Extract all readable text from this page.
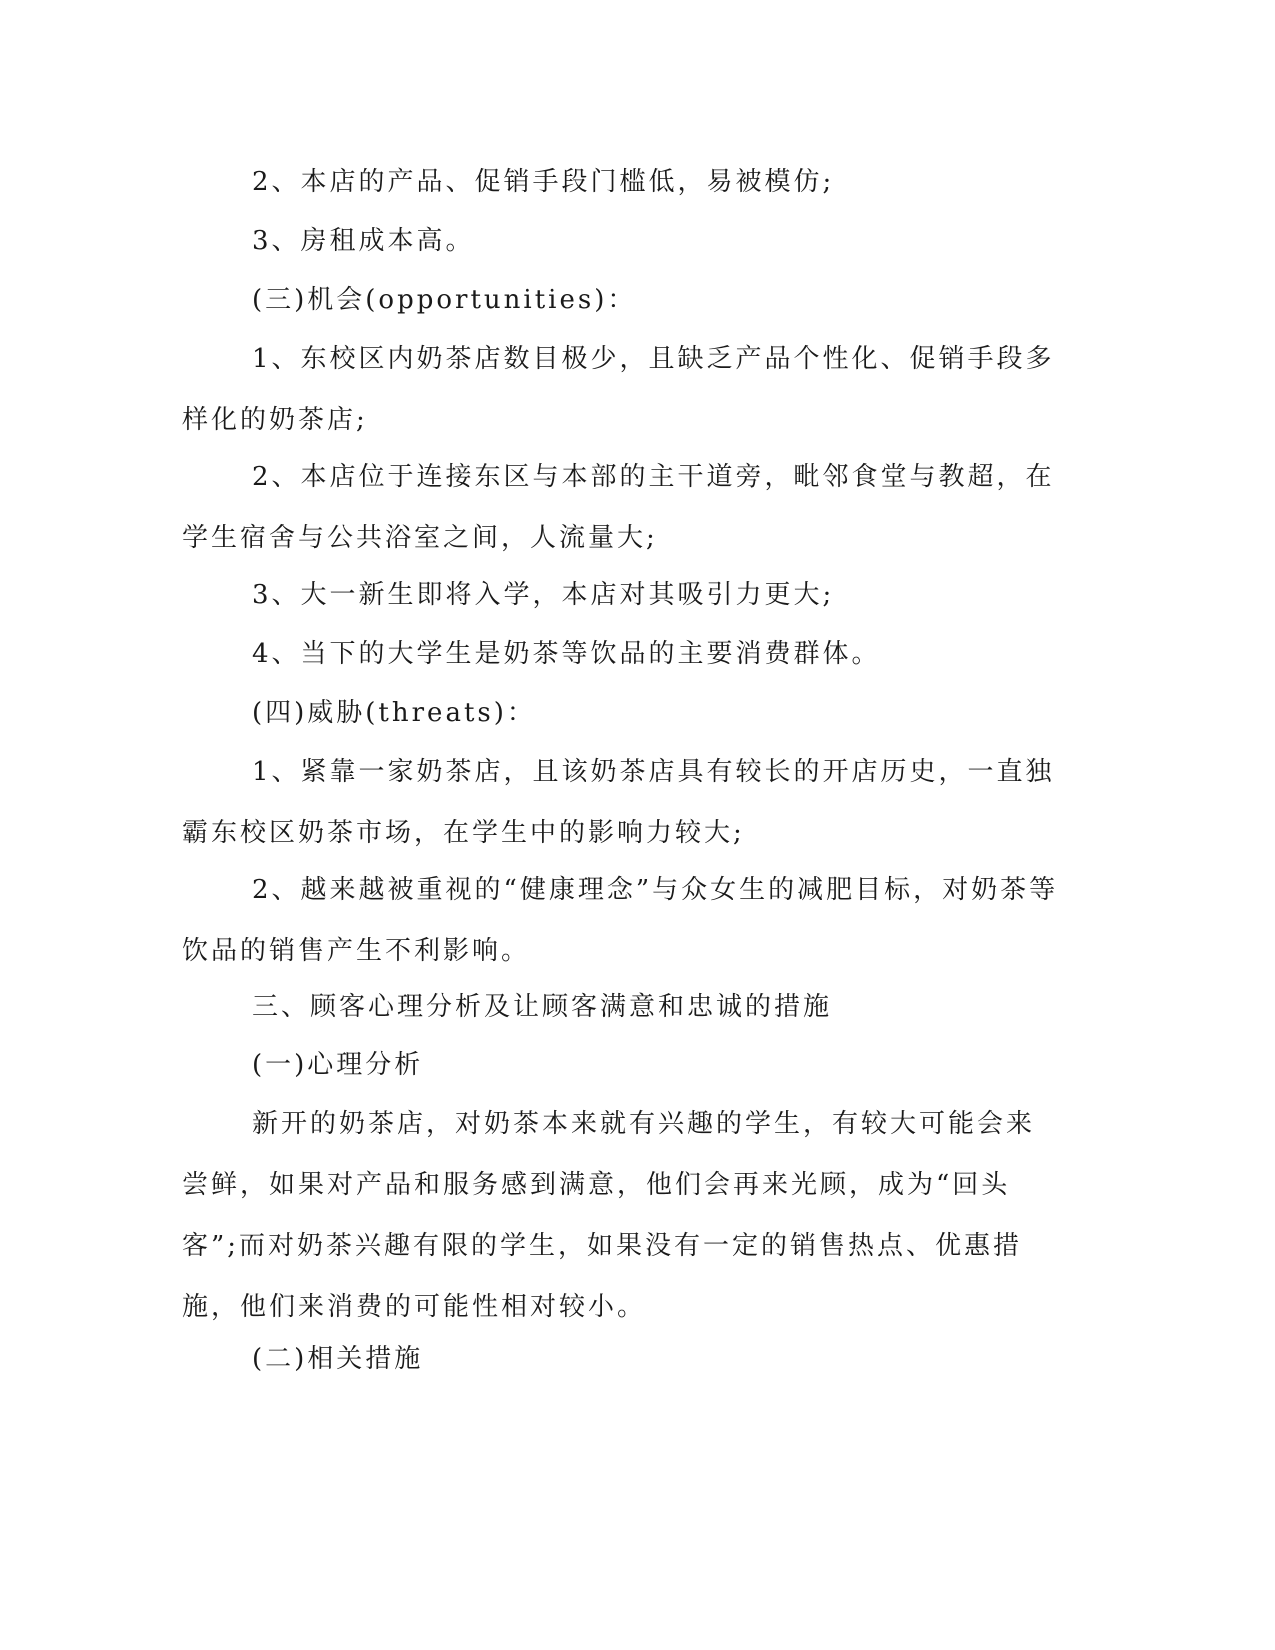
2、本店的产品、促销手段门槛低，易被模仿;

3、房租成本高。

(三)机会(opportunities)：

1、东校区内奶茶店数目极少，且缺乏产品个性化、促销手段多样化的奶茶店;

2、本店位于连接东区与本部的主干道旁，毗邻食堂与教超，在学生宿舍与公共浴室之间，人流量大;

3、大一新生即将入学，本店对其吸引力更大;

4、当下的大学生是奶茶等饮品的主要消费群体。

(四)威胁(threats)：

1、紧靠一家奶茶店，且该奶茶店具有较长的开店历史，一直独霸东校区奶茶市场，在学生中的影响力较大;

2、越来越被重视的“健康理念”与众女生的减肥目标，对奶茶等饮品的销售产生不利影响。

三、顾客心理分析及让顾客满意和忠诚的措施

(一)心理分析

新开的奶茶店，对奶茶本来就有兴趣的学生，有较大可能会来尝鲜，如果对产品和服务感到满意，他们会再来光顾，成为“回头客”;而对奶茶兴趣有限的学生，如果没有一定的销售热点、优惠措施，他们来消费的可能性相对较小。

(二)相关措施
